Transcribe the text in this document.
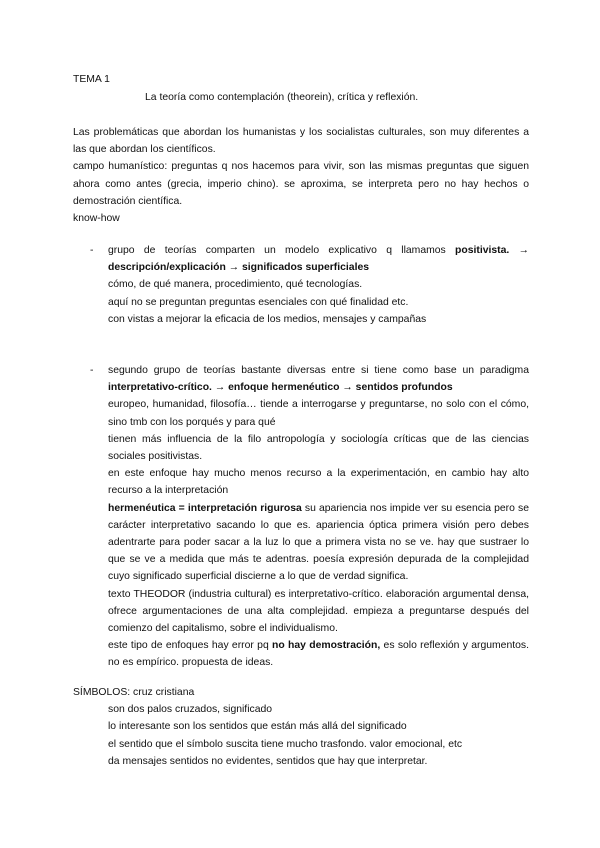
TEMA 1
La teoría como contemplación (theorein), crítica y reflexión.

Las problemáticas que abordan los humanistas y los socialistas culturales, son muy diferentes a las que abordan los científicos.

campo humanístico: preguntas q nos hacemos para vivir, son las mismas preguntas que siguen ahora como antes (grecia, imperio chino). se aproxima, se interpreta pero no hay hechos o demostración científica.

know-how

- grupo de teorías comparten un modelo explicativo q llamamos positivista. → descripción/explicación → significados superficiales

cómo, de qué manera, procedimiento, qué tecnologías.

aquí no se preguntan preguntas esenciales con qué finalidad etc.

con vistas a mejorar la eficacia de los medios, mensajes y campañas

- segundo grupo de teorías bastante diversas entre si tiene como base un paradigma interpretativo-crítico. → enfoque hermenéutico → sentidos profundos

europeo, humanidad, filosofía… tiende a interrogarse y preguntarse, no solo con el cómo, sino tmb con los porqués y para qué

tienen más influencia de la filo antropología y sociología críticas que de las ciencias sociales positivistas.

en este enfoque hay mucho menos recurso a la experimentación, en cambio hay alto recurso a la interpretación

hermenéutica = interpretación rigurosa su apariencia nos impide ver su esencia pero se carácter interpretativo sacando lo que es. apariencia óptica primera visión pero debes adentrarte para poder sacar a la luz lo que a primera vista no se ve. hay que sustraer lo que se ve a medida que más te adentras. poesía expresión depurada de la complejidad cuyo significado superficial discierne a lo que de verdad significa.

texto THEODOR (industria cultural) es interpretativo-crítico. elaboración argumental densa, ofrece argumentaciones de una alta complejidad. empieza a preguntarse después del comienzo del capitalismo, sobre el individualismo.

este tipo de enfoques hay error pq no hay demostración, es solo reflexión y argumentos. no es empírico. propuesta de ideas.

SÍMBOLOS: cruz cristiana

son dos palos cruzados, significado

lo interesante son los sentidos que están más allá del significado

el sentido que el símbolo suscita tiene mucho trasfondo. valor emocional, etc

da mensajes sentidos no evidentes, sentidos que hay que interpretar.
